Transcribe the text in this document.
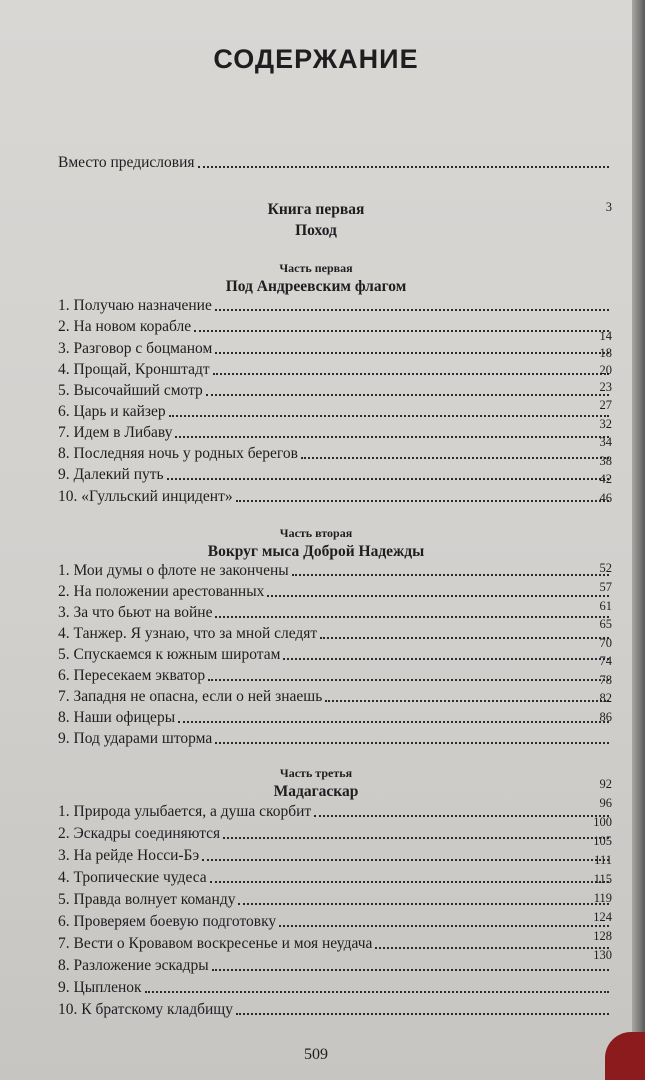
СОДЕРЖАНИЕ
Вместо предисловия
3
Книга первая
Поход
Часть первая
Под Андреевским флагом
1. Получаю назначение
2. На новом корабле
3. Разговор с боцманом
4. Прощай, Кронштадт
5. Высочайший смотр
6. Царь и кайзер
7. Идем в Либаву
8. Последняя ночь у родных берегов
9. Далекий путь
10. «Гулльский инцидент»
14
18
20
23
27
32
34
38
42
46
Часть вторая
Вокруг мыса Доброй Надежды
1. Мои думы о флоте не закончены
2. На положении арестованных
3. За что бьют на войне
4. Танжер. Я узнаю, что за мной следят
5. Спускаемся к южным широтам
6. Пересекаем экватор
7. Западня не опасна, если о ней знаешь
8. Наши офицеры
9. Под ударами шторма
52
57
61
65
70
74
78
82
86
Часть третья
Мадагаскар
1. Природа улыбается, а душа скорбит
2. Эскадры соединяются
3. На рейде Носси-Бэ
4. Тропические чудеса
5. Правда волнует команду
6. Проверяем боевую подготовку
7. Вести о Кровавом воскресенье и моя неудача
8. Разложение эскадры
9. Цыпленок
10. К братскому кладбищу
92
96
100
105
111
115
119
124
128
130
509
